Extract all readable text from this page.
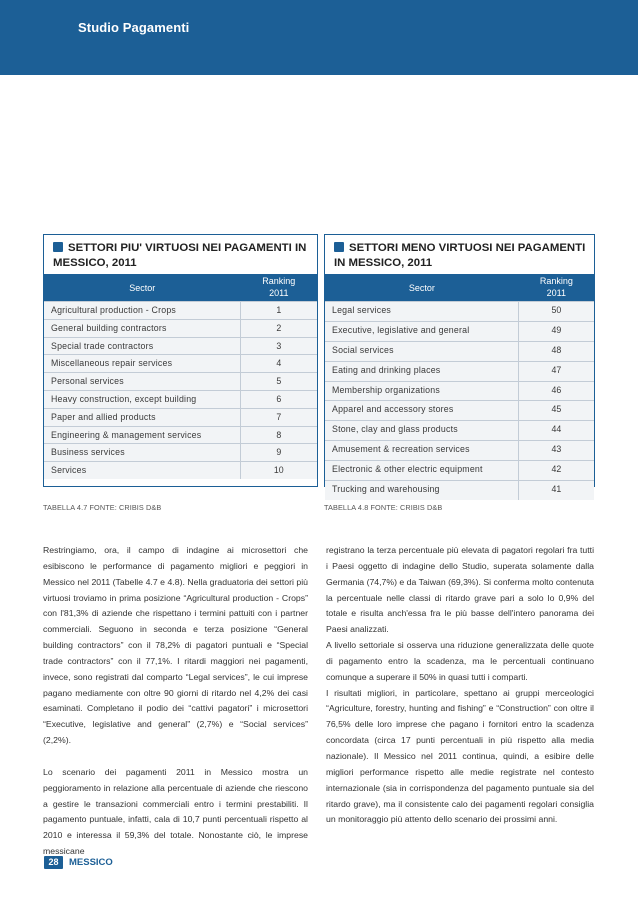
Studio Pagamenti
SETTORI PIU' VIRTUOSI NEI PAGAMENTI IN MESSICO, 2011
Sector
Ranking
2011
Agricultural production - Crops	1
General building contractors	2
Special trade contractors	3
Miscellaneous repair services	4
Personal services	5
Heavy construction, except building	6
Paper and allied products	7
Engineering & management services	8
Business services	9
Services	10
TABELLA 4.7 FONTE: CRIBIS D&B
SETTORI MENO VIRTUOSI NEI PAGAMENTI IN MESSICO, 2011
Sector
Ranking
2011
Legal services	50
Executive, legislative and general	49
Social services	48
Eating and drinking places	47
Membership organizations	46
Apparel and accessory stores	45
Stone, clay and glass products	44
Amusement & recreation services	43
Electronic & other electric equipment	42
Trucking and warehousing	41
TABELLA 4.8 FONTE: CRIBIS D&B

Restringiamo, ora, il campo di indagine ai microsettori che esibiscono le performance di pagamento migliori e peggiori in Messico nel 2011 (Tabelle 4.7 e 4.8). Nella graduatoria dei settori più virtuosi troviamo in prima posizione “Agricultural production - Crops” con l'81,3% di aziende che rispettano i termini pattuiti con i partner commerciali. Seguono in seconda e terza posizione “General building contractors” con il 78,2% di pagatori puntuali e “Special trade contractors” con il 77,1%. I ritardi maggiori nei pagamenti, invece, sono registrati dal comparto “Legal services”, le cui imprese pagano mediamente con oltre 90 giorni di ritardo nel 4,2% dei casi esaminati. Completano il podio dei “cattivi pagatori” i microsettori “Executive, legislative and general” (2,7%) e “Social services” (2,2%).

Lo scenario dei pagamenti 2011 in Messico mostra un peggioramento in relazione alla percentuale di aziende che riescono a gestire le transazioni commerciali entro i termini prestabiliti. Il pagamento puntuale, infatti, cala di 10,7 punti percentuali rispetto al 2010 e interessa il 59,3% del totale. Nonostante ciò, le imprese messicane

registrano la terza percentuale più elevata di pagatori regolari fra tutti i Paesi oggetto di indagine dello Studio, superata solamente dalla Germania (74,7%) e da Taiwan (69,3%). Si conferma molto contenuta la percentuale nelle classi di ritardo grave pari a solo lo 0,9% del totale e risulta anch'essa fra le più basse dell'intero panorama dei Paesi analizzati.

A livello settoriale si osserva una riduzione generalizzata delle quote di pagamento entro la scadenza, ma le percentuali continuano comunque a superare il 50% in quasi tutti i comparti.

I risultati migliori, in particolare, spettano ai gruppi merceologici “Agriculture, forestry, hunting and fishing” e “Construction” con oltre il 76,5% delle loro imprese che pagano i fornitori entro la scadenza concordata (circa 17 punti percentuali in più rispetto alla media nazionale). Il Messico nel 2011 continua, quindi, a esibire delle migliori performance rispetto alle medie registrate nel contesto internazionale (sia in corrispondenza del pagamento puntuale sia del ritardo grave), ma il consistente calo dei pagamenti regolari consiglia un monitoraggio più attento dello scenario dei prossimi anni.

28	MESSICO
